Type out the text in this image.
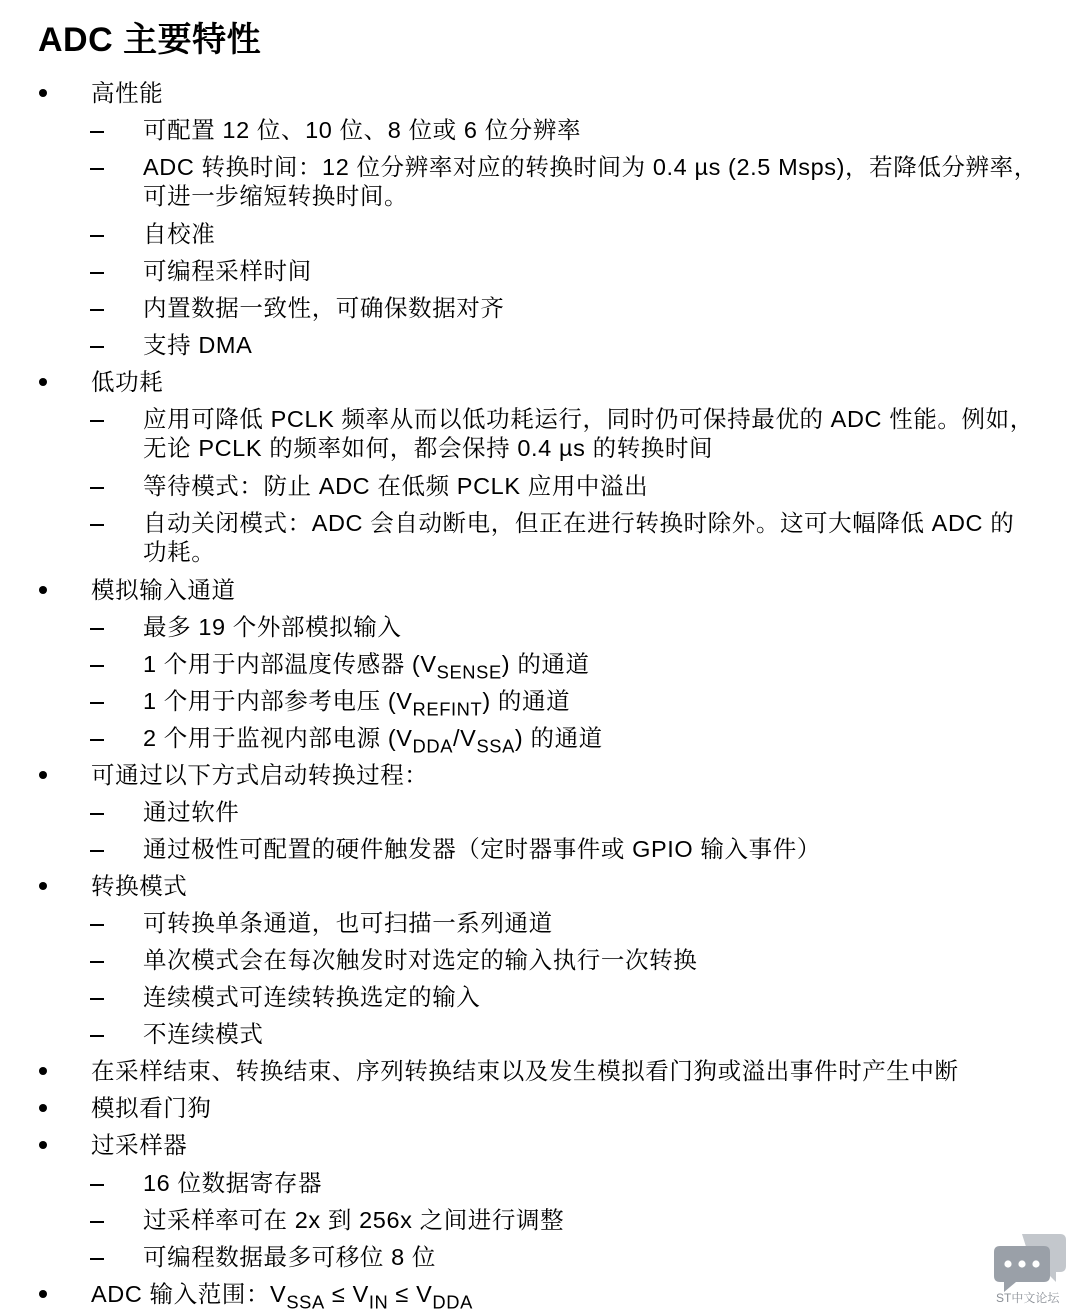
ADC 主要特性
高性能
可配置 12 位、10 位、8 位或 6 位分辨率
ADC 转换时间：12 位分辨率对应的转换时间为 0.4 µs (2.5 Msps)，若降低分辨率，
可进一步缩短转换时间。
自校准
可编程采样时间
内置数据一致性，可确保数据对齐
支持 DMA
低功耗
应用可降低 PCLK 频率从而以低功耗运行，同时仍可保持最优的 ADC 性能。例如，
无论 PCLK 的频率如何，都会保持 0.4 µs 的转换时间
等待模式：防止 ADC 在低频 PCLK 应用中溢出
自动关闭模式：ADC 会自动断电，但正在进行转换时除外。这可大幅降低 ADC 的
功耗。
模拟输入通道
最多 19 个外部模拟输入
1 个用于内部温度传感器 $(V_{SENSE})$ 的通道
1 个用于内部参考电压 $(V_{REFINT})$ 的通道
2 个用于监视内部电源 $(V_{DDA}/V_{SSA})$ 的通道
可通过以下方式启动转换过程：
通过软件
通过极性可配置的硬件触发器（定时器事件或 GPIO 输入事件）
转换模式
可转换单条通道，也可扫描一系列通道
单次模式会在每次触发时对选定的输入执行一次转换
连续模式可连续转换选定的输入
不连续模式
在采样结束、转换结束、序列转换结束以及发生模拟看门狗或溢出事件时产生中断
模拟看门狗
过采样器
16 位数据寄存器
过采样率可在 2x 到 256x 之间进行调整
可编程数据最多可移位 8 位
ADC 输入范围：$V_{SSA} \le V_{IN} \le V_{DDA}$	ST中文论坛
